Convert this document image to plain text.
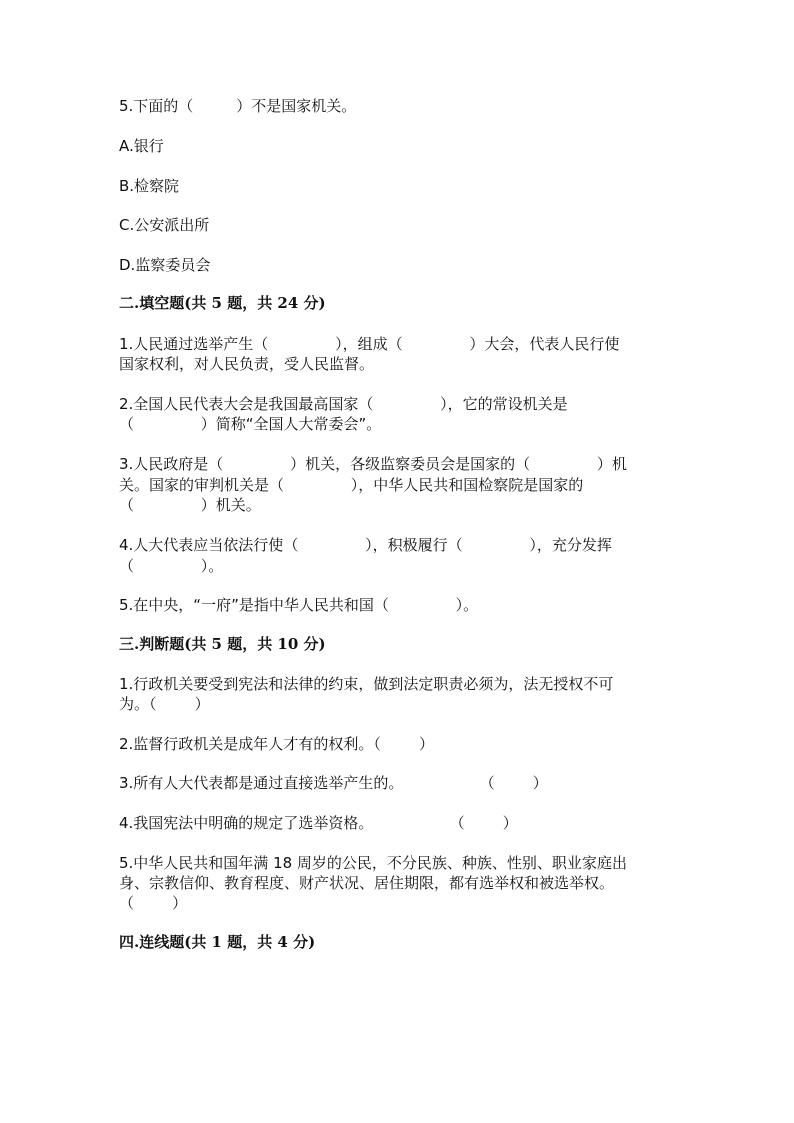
5.下面的（         ）不是国家机关。
A.银行
B.检察院
C.公安派出所
D.监察委员会
二.填空题(共 5 题，共 24 分)
1.人民通过选举产生（              ），组成（              ）大会，代表人民行使
国家权利，对人民负责，受人民监督。
2.全国人民代表大会是我国最高国家（              ），它的常设机关是
（              ）简称“全国人大常委会”。
3.人民政府是（              ）机关，各级监察委员会是国家的（              ）机
关。国家的审判机关是（              ），中华人民共和国检察院是国家的
（              ）机关。
4.人大代表应当依法行使（              ），积极履行（              ），充分发挥
（              ）。
5.在中央，“一府”是指中华人民共和国（              ）。
三.判断题(共 5 题，共 10 分)
1.行政机关要受到宪法和法律的约束，做到法定职责必须为，法无授权不可
为。（        ）
2.监督行政机关是成年人才有的权利。（        ）
3.所有人大代表都是通过直接选举产生的。                （        ）
4.我国宪法中明确的规定了选举资格。                （        ）
5.中华人民共和国年满 18 周岁的公民，不分民族、种族、性别、职业家庭出
身、宗教信仰、教育程度、财产状况、居住期限，都有选举权和被选举权。
（        ）
四.连线题(共 1 题，共 4 分)
